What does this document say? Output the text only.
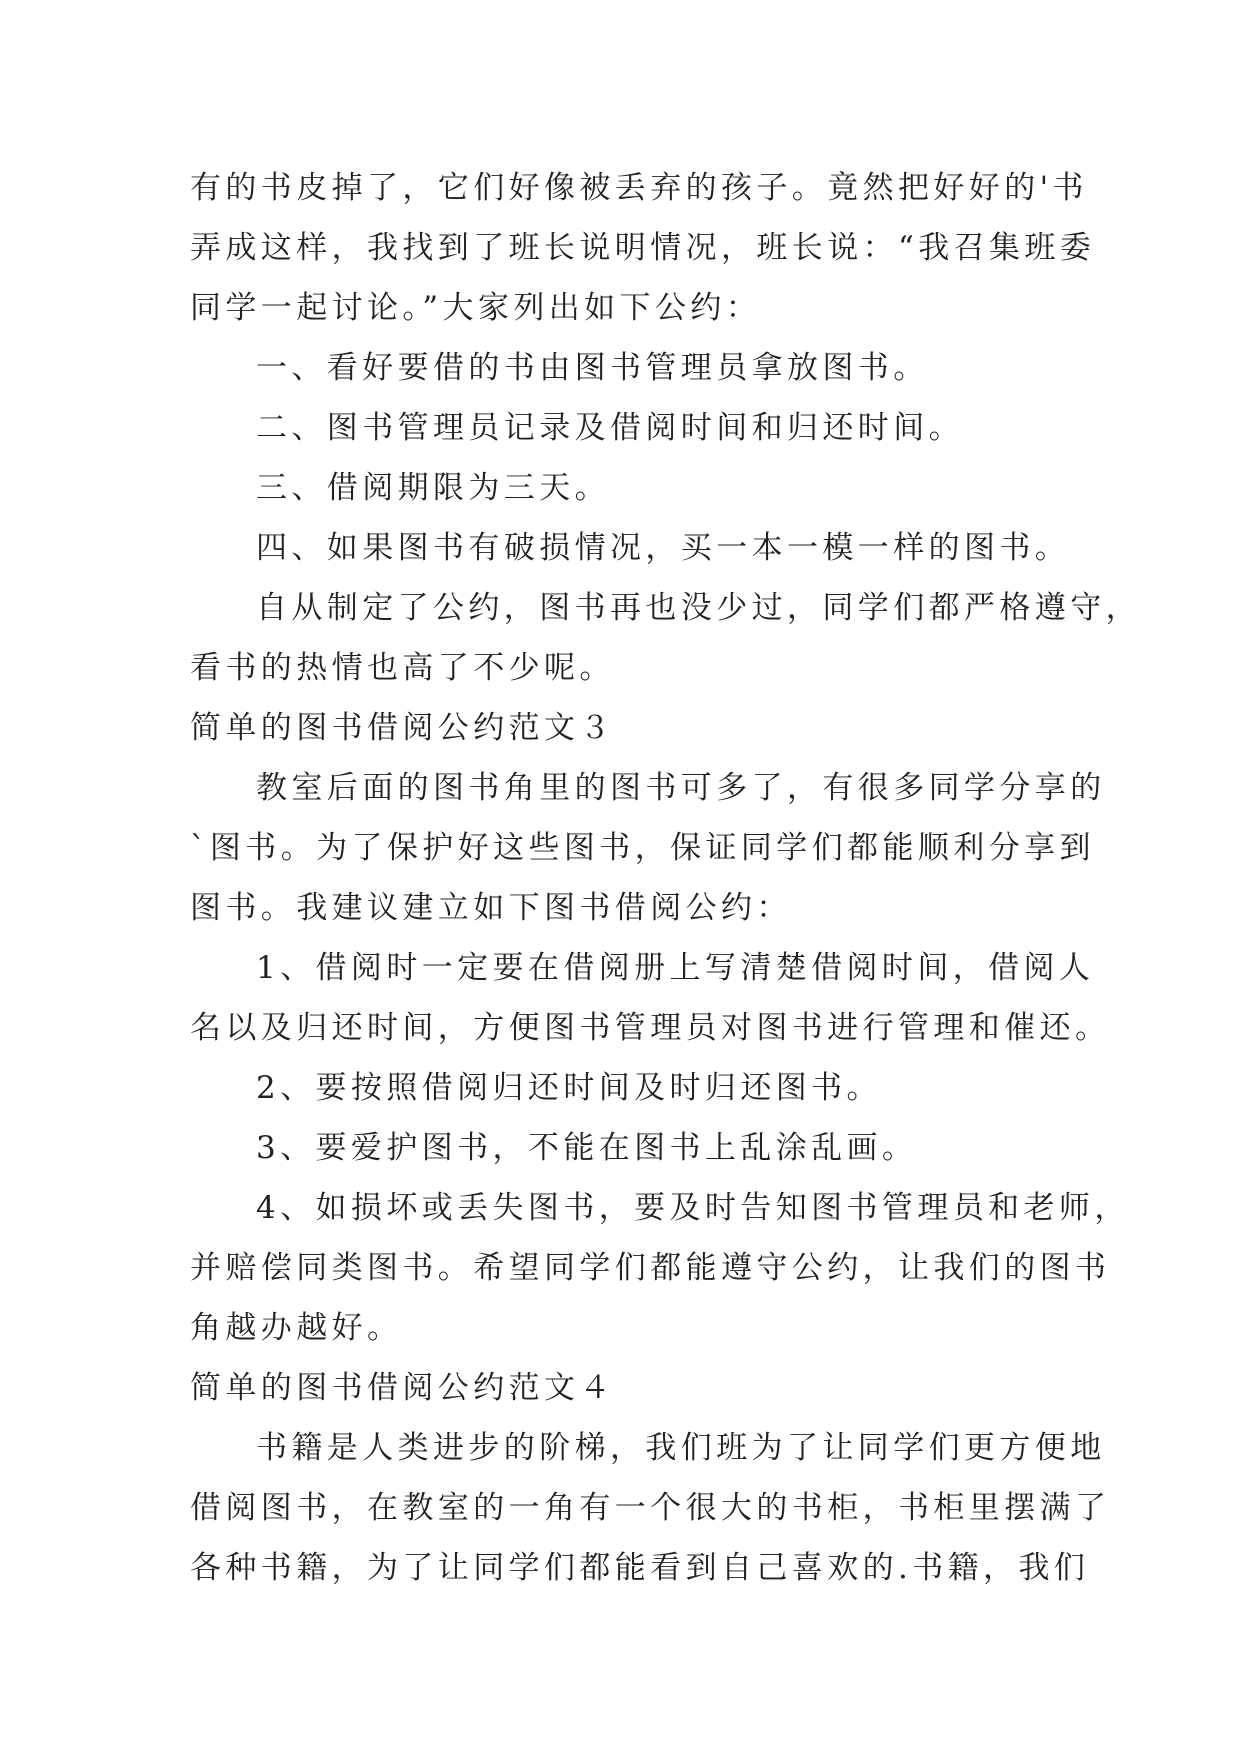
有的书皮掉了，它们好像被丢弃的孩子。竟然把好好的'书
弄成这样，我找到了班长说明情况，班长说：“我召集班委
同学一起讨论。”大家列出如下公约：
一、看好要借的书由图书管理员拿放图书。
二、图书管理员记录及借阅时间和归还时间。
三、借阅期限为三天。
四、如果图书有破损情况，买一本一模一样的图书。
自从制定了公约，图书再也没少过，同学们都严格遵守，
看书的热情也高了不少呢。
简单的图书借阅公约范文３
教室后面的图书角里的图书可多了，有很多同学分享的
`图书。为了保护好这些图书，保证同学们都能顺利分享到
图书。我建议建立如下图书借阅公约：
1、借阅时一定要在借阅册上写清楚借阅时间，借阅人
名以及归还时间，方便图书管理员对图书进行管理和催还。
2、要按照借阅归还时间及时归还图书。
3、要爱护图书，不能在图书上乱涂乱画。
4、如损坏或丢失图书，要及时告知图书管理员和老师，
并赔偿同类图书。希望同学们都能遵守公约，让我们的图书
角越办越好。
简单的图书借阅公约范文４
书籍是人类进步的阶梯，我们班为了让同学们更方便地
借阅图书，在教室的一角有一个很大的书柜，书柜里摆满了
各种书籍，为了让同学们都能看到自己喜欢的.书籍，我们
